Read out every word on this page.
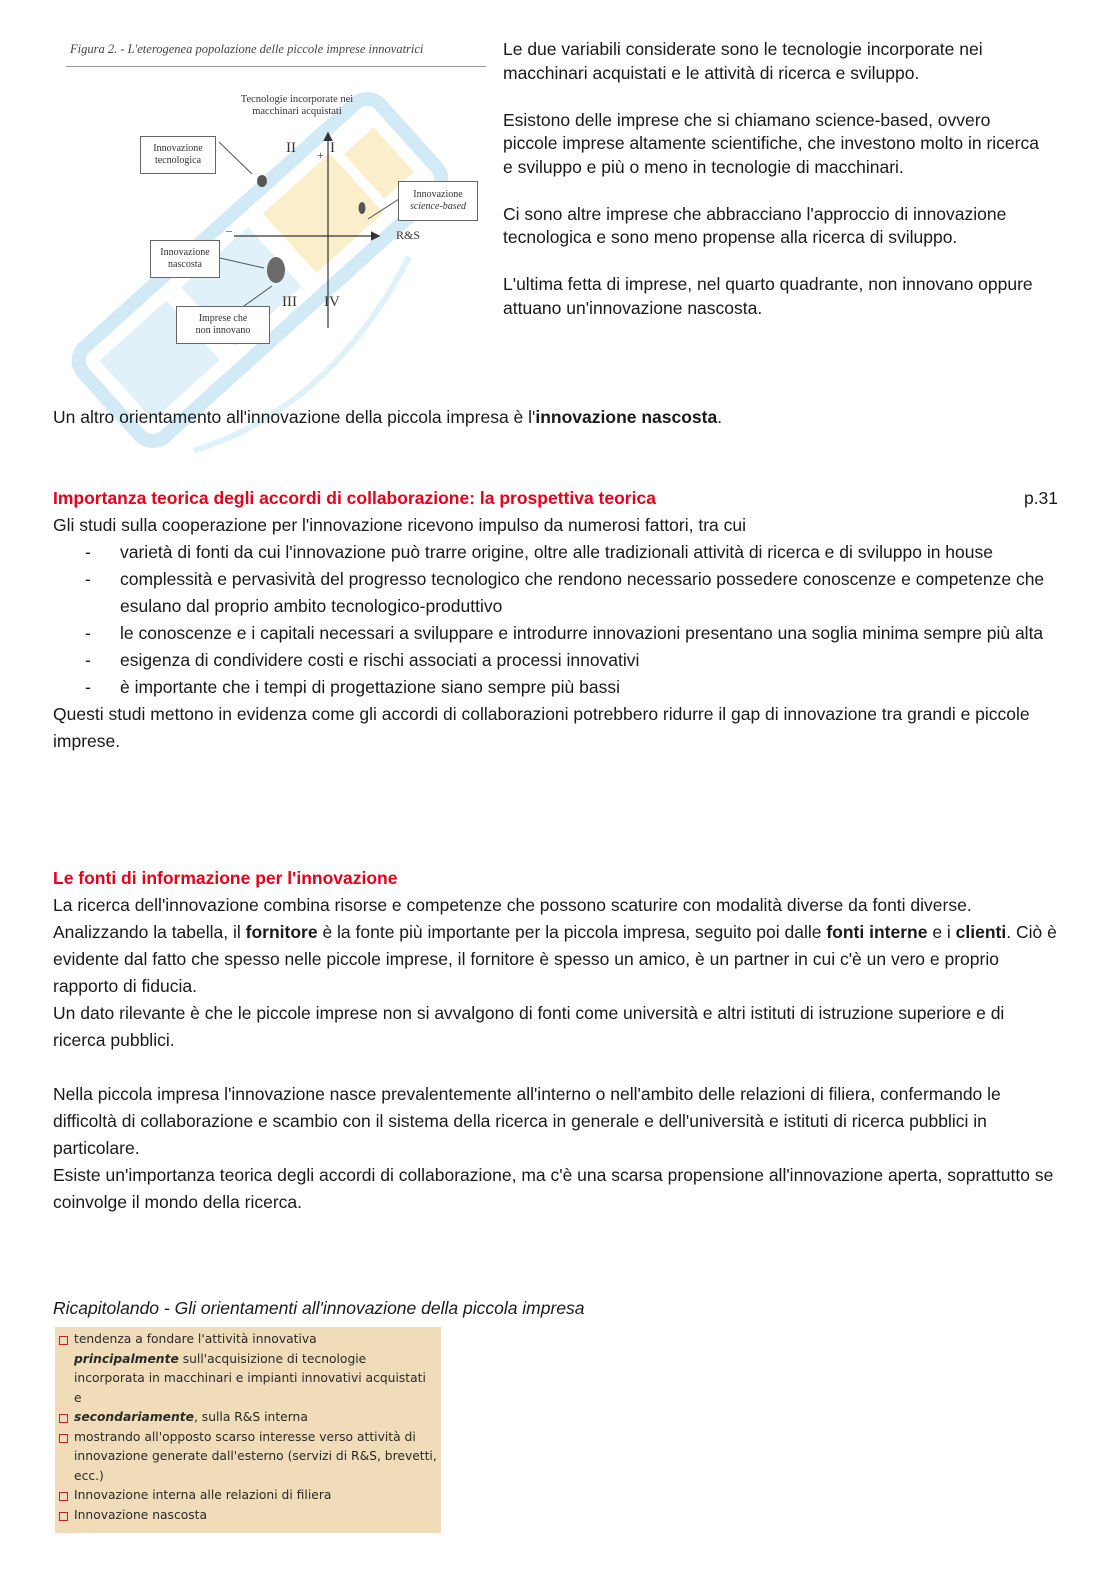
Figura 2. - L'eterogenea popolazione delle piccole imprese innovatrici
Tecnologie incorporate nei
macchinari acquistati
II + I
–
III IV
R&S
Innovazione
tecnologica
Innovazione
science-based
Innovazione
nascosta
Imprese che
non innovano

Le due variabili considerate sono le tecnologie incorporate nei macchinari acquistati e le attività di ricerca e sviluppo.

Esistono delle imprese che si chiamano science-based, ovvero piccole imprese altamente scientifiche, che investono molto in ricerca e sviluppo e più o meno in tecnologie di macchinari.

Ci sono altre imprese che abbracciano l'approccio di innovazione tecnologica e sono meno propense alla ricerca di sviluppo.

L'ultima fetta di imprese, nel quarto quadrante, non innovano oppure attuano un'innovazione nascosta.

Un altro orientamento all'innovazione della piccola impresa è l'innovazione nascosta.
Importanza teorica degli accordi di collaborazione: la prospettiva teorica

Gli studi sulla cooperazione per l'innovazione ricevono impulso da numerosi fattori, tra cui

- varietà di fonti da cui l'innovazione può trarre origine, oltre alle tradizionali attività di ricerca e di sviluppo in house
- complessità e pervasività del progresso tecnologico che rendono necessario possedere conoscenze e competenze che esulano dal proprio ambito tecnologico-produttivo
- le conoscenze e i capitali necessari a sviluppare e introdurre innovazioni presentano una soglia minima sempre più alta
- esigenza di condividere costi e rischi associati a processi innovativi
- è importante che i tempi di progettazione siano sempre più bassi

Questi studi mettono in evidenza come gli accordi di collaborazioni potrebbero ridurre il gap di innovazione tra grandi e piccole imprese.

p.31
Le fonti di informazione per l'innovazione

La ricerca dell'innovazione combina risorse e competenze che possono scaturire con modalità diverse da fonti diverse.

Analizzando la tabella, il fornitore è la fonte più importante per la piccola impresa, seguito poi dalle fonti interne e i clienti. Ciò è evidente dal fatto che spesso nelle piccole imprese, il fornitore è spesso un amico, è un partner in cui c'è un vero e proprio rapporto di fiducia.

Un dato rilevante è che le piccole imprese non si avvalgono di fonti come università e altri istituti di istruzione superiore e di ricerca pubblici.

Nella piccola impresa l'innovazione nasce prevalentemente all'interno o nell'ambito delle relazioni di filiera, confermando le difficoltà di collaborazione e scambio con il sistema della ricerca in generale e dell'università e istituti di ricerca pubblici in particolare.

Esiste un'importanza teorica degli accordi di collaborazione, ma c'è una scarsa propensione all'innovazione aperta, soprattutto se coinvolge il mondo della ricerca.

Ricapitolando - Gli orientamenti all'innovazione della piccola impresa
tendenza a fondare l'attività innovativa
principalmente sull'acquisizione di tecnologie incorporata in macchinari e impianti innovativi acquistati e
secondariamente, sulla R&S interna
mostrando all'opposto scarso interesse verso attività di innovazione generate dall'esterno (servizi di R&S, brevetti, ecc.)
Innovazione interna alle relazioni di filiera
Innovazione nascosta
